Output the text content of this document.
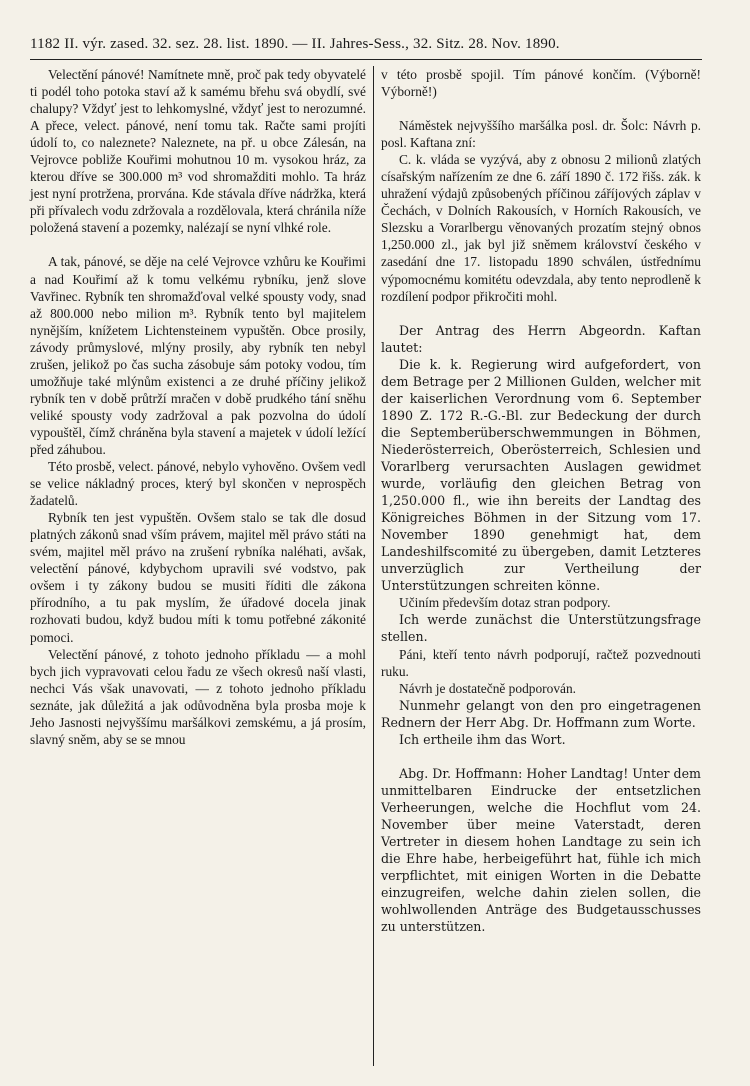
1182 II. výr. zased. 32. sez. 28. list. 1890. — II. Jahres-Sess., 32. Sitz. 28. Nov. 1890.

Velectění pánové! Namítnete mně, proč pak tedy obyvatelé ti podél toho potoka staví až k samému břehu svá obydlí, své chalupy? Vždyť jest to lehkomyslné, vždyť jest to nerozumné. A přece, velect. pánové, není tomu tak. Račte sami projíti údolí to, co naleznete? Naleznete, na př. u obce Zálesán, na Vejrovce pobliže Kouřimi mohutnou 10 m. vysokou hráz, za kterou dříve se 300.000 m³ vod shromažditi mohlo. Ta hráz jest nyní protržena, prorvána. Kde stávala dříve nádržka, která při přívalech vodu zdržovala a rozdělovala, která chránila níže položená stavení a pozemky, nalézají se nyní vlhké role.

A tak, pánové, se děje na celé Vejrovce vzhůru ke Kouřimi a nad Kouřimí až k tomu velkému rybníku, jenž slove Vavřinec. Rybník ten shromažďoval velké spousty vody, snad až 800.000 nebo milion m³. Rybník tento byl majitelem nynějším, knížetem Lichtensteinem vypuštěn. Obce prosily, závody průmyslové, mlýny prosily, aby rybník ten nebyl zrušen, jelikož po čas sucha zásobuje sám potoky vodou, tím umožňuje také mlýnům existenci a ze druhé příčiny jelikož rybník ten v době průtrží mračen v době prudkého tání sněhu veliké spousty vody zadržoval a pak pozvolna do údolí vypouštěl, čímž chráněna byla stavení a majetek v údolí ležící před záhubou.

Této prosbě, velect. pánové, nebylo vyhověno. Ovšem vedl se velice nákladný proces, který byl skončen v neprospěch žadatelů.

Rybník ten jest vypuštěn. Ovšem stalo se tak dle dosud platných zákonů snad vším právem, majitel měl právo státi na svém, majitel měl právo na zrušení rybníka naléhati, avšak, velectění pánové, kdybychom upravili své vodstvo, pak ovšem i ty zákony budou se musiti říditi dle zákona přírodního, a tu pak myslím, že úřadové docela jinak rozhovati budou, když budou míti k tomu potřebné zákonité pomoci.

Velectění pánové, z tohoto jednoho příkladu — a mohl bych jich vypravovati celou řadu ze všech okresů naší vlasti, nechci Vás však unavovati, — z tohoto jednoho příkladu seznáte, jak důležitá a jak odůvodněna byla prosba moje k Jeho Jasnosti nejvyššímu maršálkovi zemskému, a já prosím, slavný sněm, aby se se mnou

v této prosbě spojil. Tím pánové končím. (Výborně! Výborně!)

Náměstek nejvyššího maršálka posl. dr. Šolc: Návrh p. posl. Kaftana zní:

C. k. vláda se vyzývá, aby z obnosu 2 milionů zlatých císařským nařízením ze dne 6. září 1890 č. 172 řišs. zák. k uhražení výdajů způsobených příčinou záříjových záplav v Čechách, v Dolních Rakousích, v Horních Rakousích, ve Slezsku a Vorarlbergu věnovaných prozatím stejný obnos 1,250.000 zl., jak byl již sněmem království českého v zasedání dne 17. listopadu 1890 schválen, ústřednímu výpomocnému komitétu odevzdala, aby tento neprodleně k rozdílení podpor přikročiti mohl.

Der Antrag des Herrn Abgeordn. Kaftan lautet:

Die k. k. Regierung wird aufgefordert, von dem Betrage per 2 Millionen Gulden, welcher mit der kaiserlichen Verordnung vom 6. September 1890 Z. 172 R.-G.-Bl. zur Bedeckung der durch die Septemberüberschwemmungen in Böhmen, Niederösterreich, Oberösterreich, Schlesien und Vorarlberg verursachten Auslagen gewidmet wurde, vorläufig den gleichen Betrag von 1,250.000 fl., wie ihn bereits der Landtag des Königreiches Böhmen in der Sitzung vom 17. November 1890 genehmigt hat, dem Landeshilfscomité zu übergeben, damit Letzteres unverzüglich zur Vertheilung der Unterstützungen schreiten könne.

Učiním především dotaz stran podpory.

Ich werde zunächst die Unterstützungsfrage stellen.

Páni, kteří tento návrh podporují, račtež pozvednouti ruku.

Návrh je dostatečně podporován.

Nunmehr gelangt von den pro eingetragenen Rednern der Herr Abg. Dr. Hoffmann zum Worte.

Ich ertheile ihm das Wort.

Abg. Dr. Hoffmann: Hoher Landtag! Unter dem unmittelbaren Eindrucke der entsetzlichen Verheerungen, welche die Hochflut vom 24. November über meine Vaterstadt, deren Vertreter in diesem hohen Landtage zu sein ich die Ehre habe, herbeigeführt hat, fühle ich mich verpflichtet, mit einigen Worten in die Debatte einzugreifen, welche dahin zielen sollen, die wohlwollenden Anträge des Budgetausschusses zu unterstützen.
